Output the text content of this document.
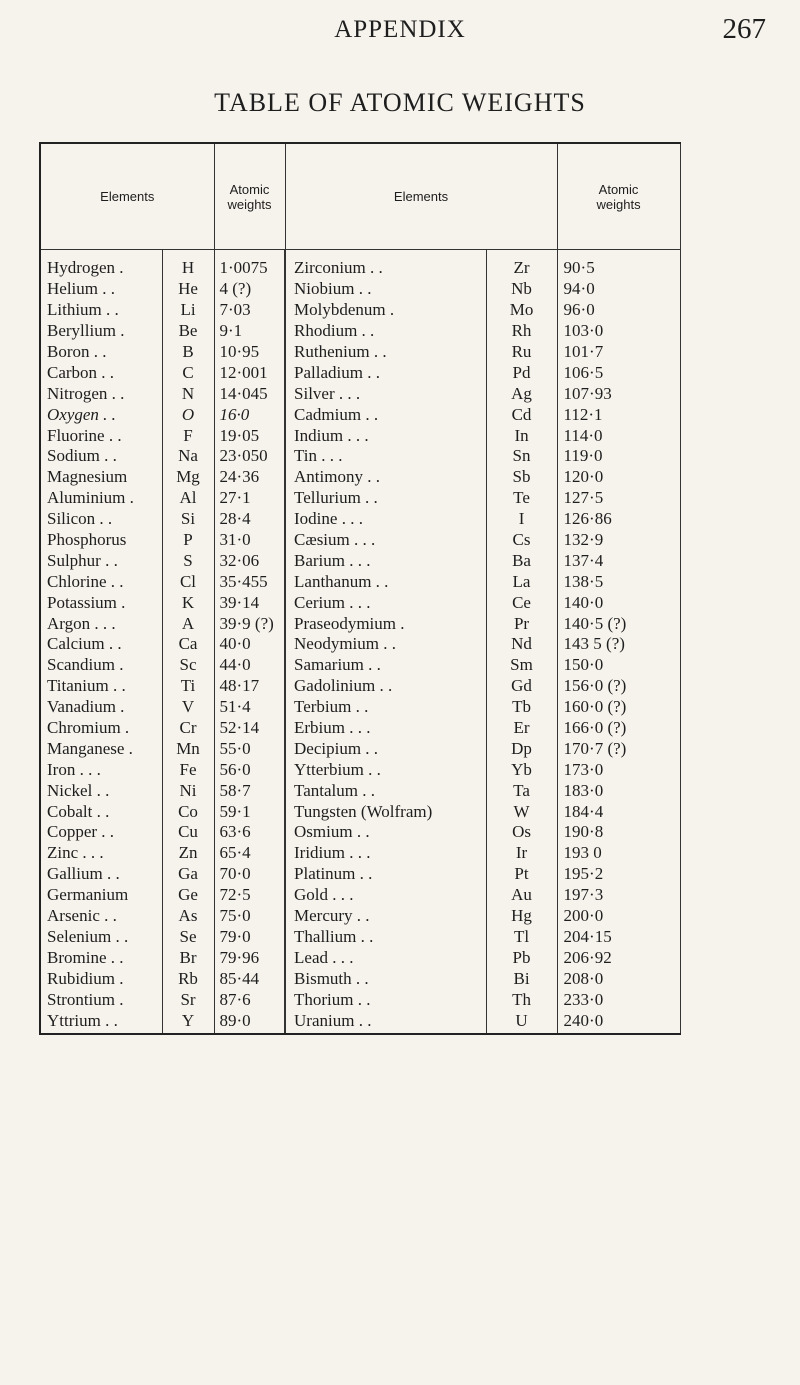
APPENDIX	267
TABLE OF ATOMIC WEIGHTS
Elements		Atomic
weights	Elements		Atomic
weights
Hydrogen .	H	1·0075	Zirconium . .	Zr	90·5
Helium . .	He	4 (?)	Niobium . .	Nb	94·0
Lithium . .	Li	7·03	Molybdenum .	Mo	96·0
Beryllium .	Be	9·1	Rhodium . .	Rh	103·0
Boron . .	B	10·95	Ruthenium . .	Ru	101·7
Carbon . .	C	12·001	Palladium . .	Pd	106·5
Nitrogen . .	N	14·045	Silver . . .	Ag	107·93
Oxygen . .	O	16·0	Cadmium . .	Cd	112·1
Fluorine . .	F	19·05	Indium . . .	In	114·0
Sodium . .	Na	23·050	Tin . . .	Sn	119·0
Magnesium	Mg	24·36	Antimony . .	Sb	120·0
Aluminium .	Al	27·1	Tellurium . .	Te	127·5
Silicon . .	Si	28·4	Iodine . . .	I	126·86
Phosphorus	P	31·0	Cæsium . . .	Cs	132·9
Sulphur . .	S	32·06	Barium . . .	Ba	137·4
Chlorine . .	Cl	35·455	Lanthanum . .	La	138·5
Potassium .	K	39·14	Cerium . . .	Ce	140·0
Argon . . .	A	39·9 (?)	Praseodymium .	Pr	140·5 (?)
Calcium . .	Ca	40·0	Neodymium . .	Nd	143 5 (?)
Scandium .	Sc	44·0	Samarium . .	Sm	150·0
Titanium . .	Ti	48·17	Gadolinium . .	Gd	156·0 (?)
Vanadium .	V	51·4	Terbium . .	Tb	160·0 (?)
Chromium .	Cr	52·14	Erbium . . .	Er	166·0 (?)
Manganese .	Mn	55·0	Decipium . .	Dp	170·7 (?)
Iron . . .	Fe	56·0	Ytterbium . .	Yb	173·0
Nickel . .	Ni	58·7	Tantalum . .	Ta	183·0
Cobalt . .	Co	59·1	Tungsten (Wolfram)	W	184·4
Copper . .	Cu	63·6	Osmium . .	Os	190·8
Zinc . . .	Zn	65·4	Iridium . . .	Ir	193 0
Gallium . .	Ga	70·0	Platinum . .	Pt	195·2
Germanium	Ge	72·5	Gold . . .	Au	197·3
Arsenic . .	As	75·0	Mercury . .	Hg	200·0
Selenium . .	Se	79·0	Thallium . .	Tl	204·15
Bromine . .	Br	79·96	Lead . . .	Pb	206·92
Rubidium .	Rb	85·44	Bismuth . .	Bi	208·0
Strontium .	Sr	87·6	Thorium . .	Th	233·0
Yttrium . .	Y	89·0	Uranium . .	U	240·0
